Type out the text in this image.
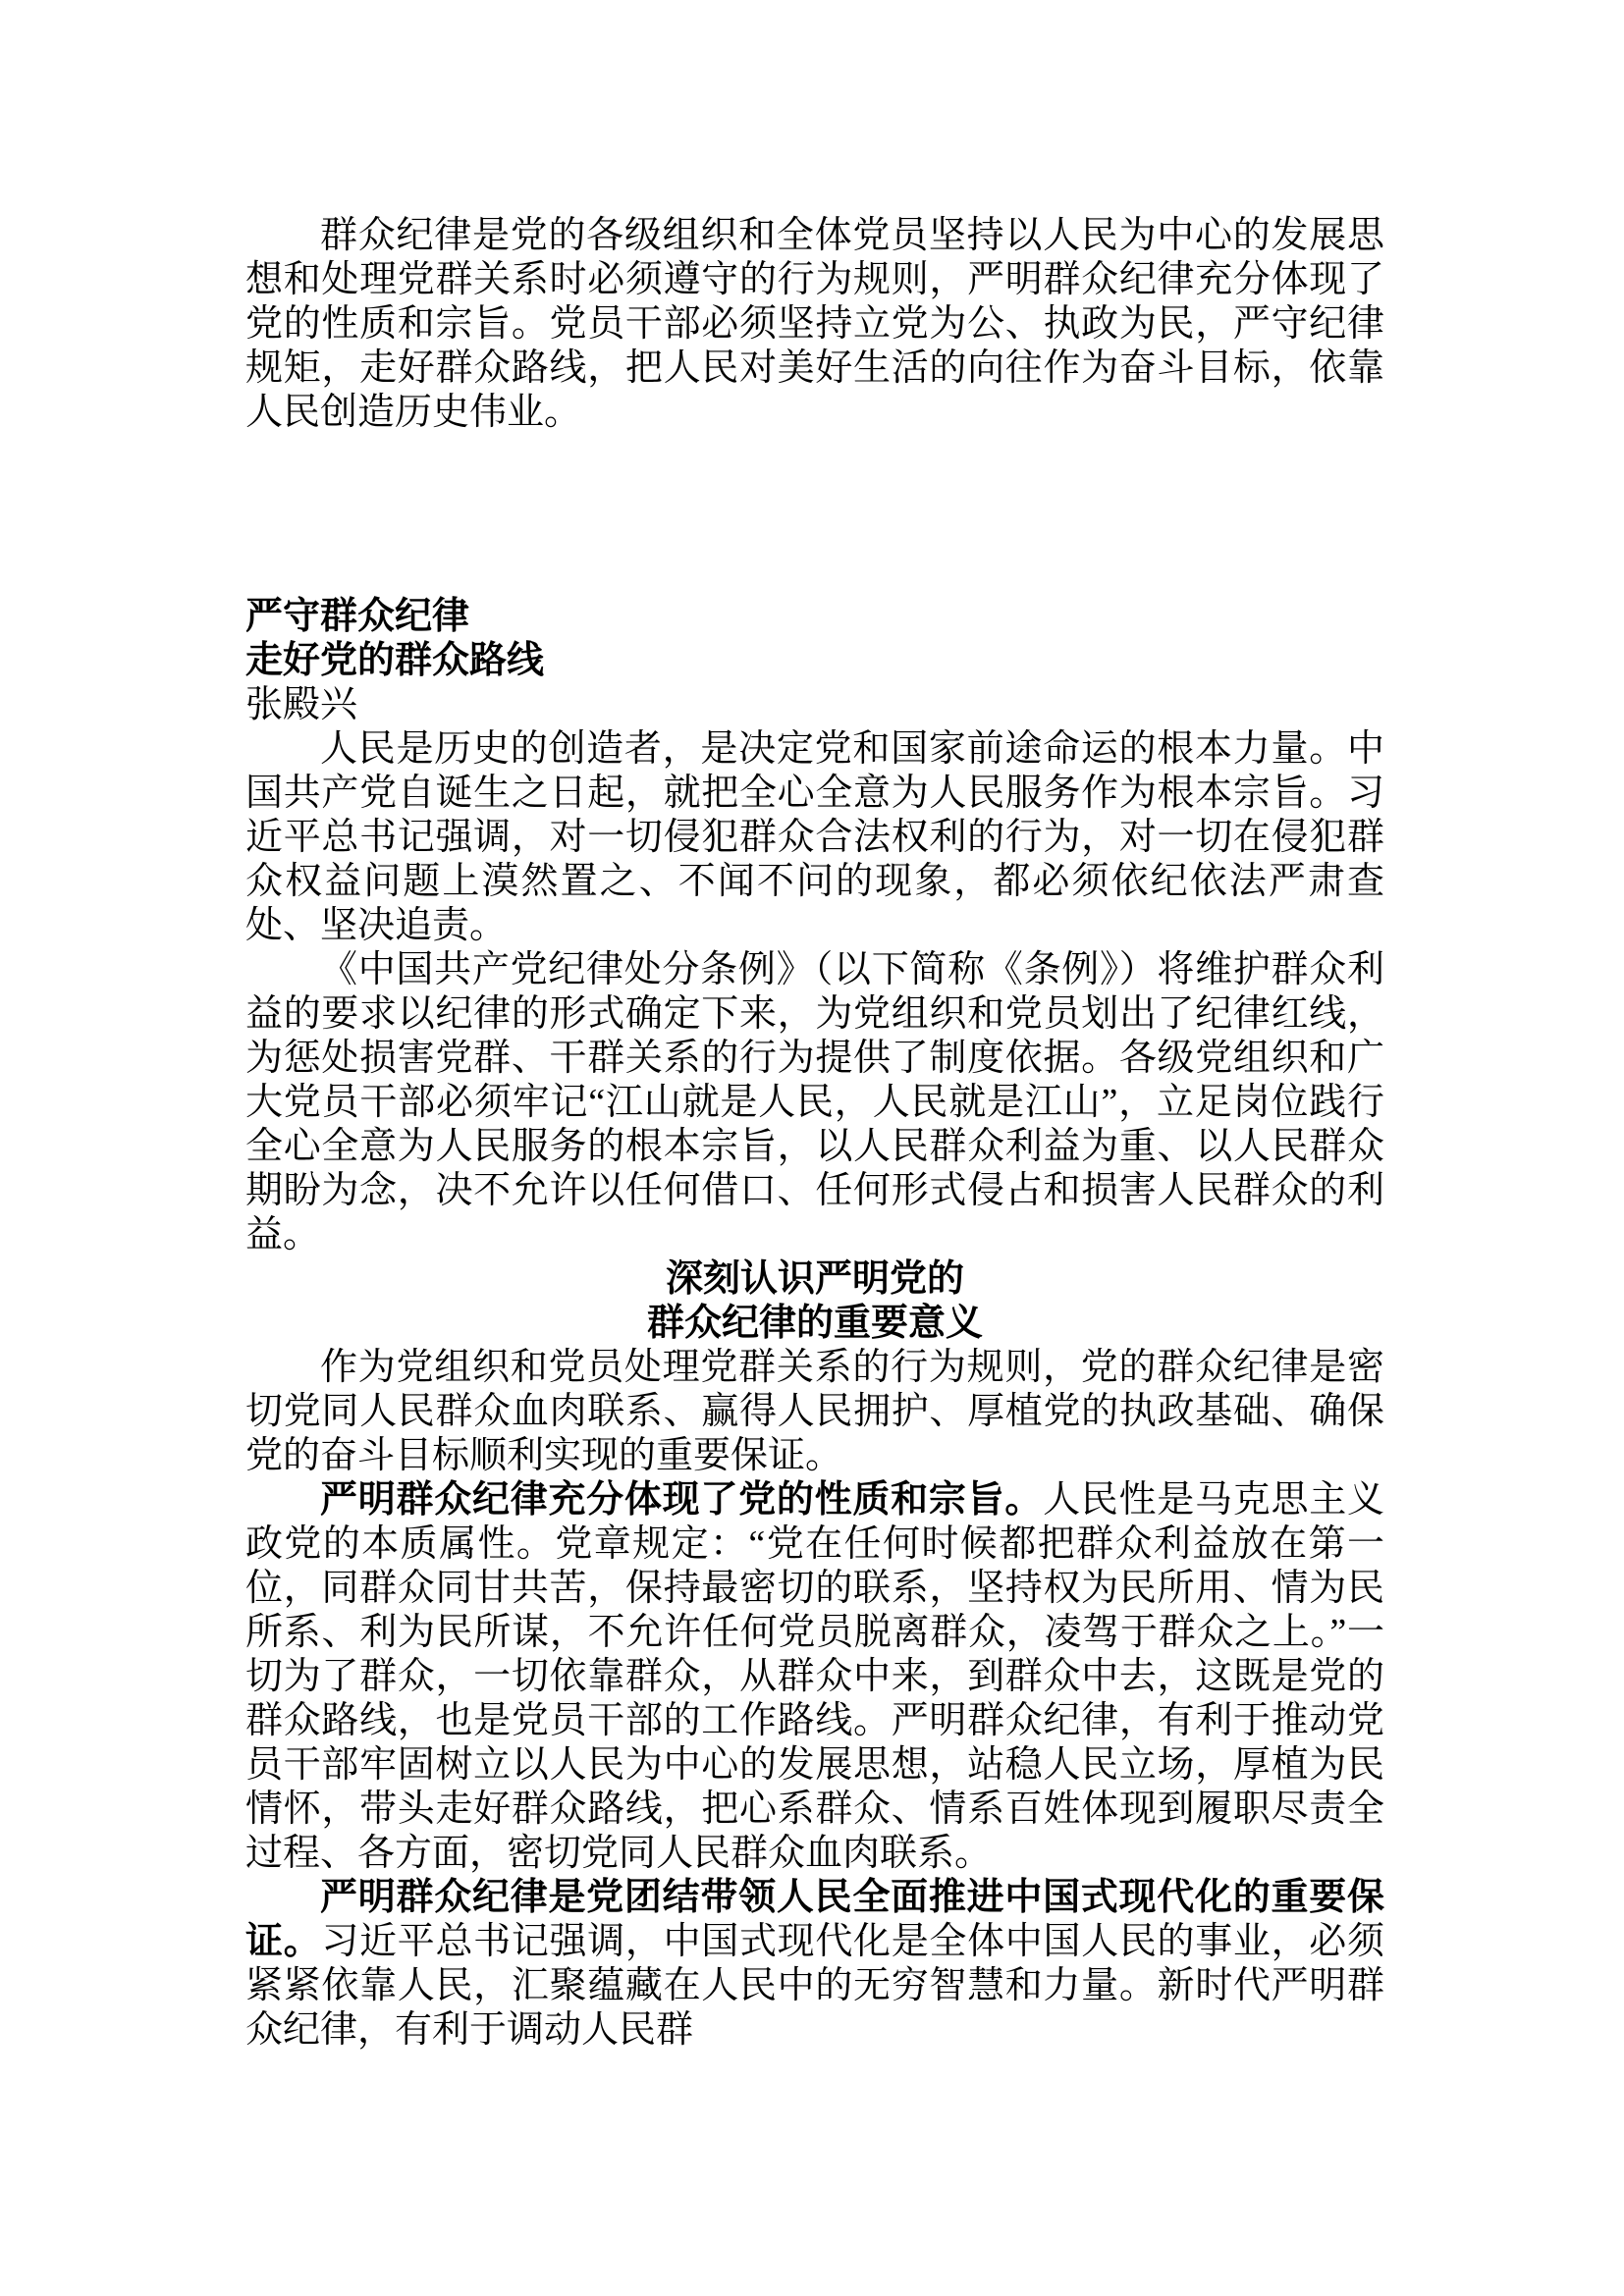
群众纪律是党的各级组织和全体党员坚持以人民为中心的发展思想和处理党群关系时必须遵守的行为规则，严明群众纪律充分体现了党的性质和宗旨。党员干部必须坚持立党为公、执政为民，严守纪律规矩，走好群众路线，把人民对美好生活的向往作为奋斗目标，依靠人民创造历史伟业。

严守群众纪律
走好党的群众路线

张殿兴

人民是历史的创造者，是决定党和国家前途命运的根本力量。中国共产党自诞生之日起，就把全心全意为人民服务作为根本宗旨。习近平总书记强调，对一切侵犯群众合法权利的行为，对一切在侵犯群众权益问题上漠然置之、不闻不问的现象，都必须依纪依法严肃查处、坚决追责。

《中国共产党纪律处分条例》（以下简称《条例》）将维护群众利益的要求以纪律的形式确定下来，为党组织和党员划出了纪律红线，为惩处损害党群、干群关系的行为提供了制度依据。各级党组织和广大党员干部必须牢记“江山就是人民，人民就是江山”，立足岗位践行全心全意为人民服务的根本宗旨，以人民群众利益为重、以人民群众期盼为念，决不允许以任何借口、任何形式侵占和损害人民群众的利益。

深刻认识严明党的
群众纪律的重要意义

作为党组织和党员处理党群关系的行为规则，党的群众纪律是密切党同人民群众血肉联系、赢得人民拥护、厚植党的执政基础、确保党的奋斗目标顺利实现的重要保证。

严明群众纪律充分体现了党的性质和宗旨。人民性是马克思主义政党的本质属性。党章规定：“党在任何时候都把群众利益放在第一位，同群众同甘共苦，保持最密切的联系，坚持权为民所用、情为民所系、利为民所谋，不允许任何党员脱离群众，凌驾于群众之上。”一切为了群众，一切依靠群众，从群众中来，到群众中去，这既是党的群众路线，也是党员干部的工作路线。严明群众纪律，有利于推动党员干部牢固树立以人民为中心的发展思想，站稳人民立场，厚植为民情怀，带头走好群众路线，把心系群众、情系百姓体现到履职尽责全过程、各方面，密切党同人民群众血肉联系。

严明群众纪律是党团结带领人民全面推进中国式现代化的重要保证。习近平总书记强调，中国式现代化是全体中国人民的事业，必须紧紧依靠人民，汇聚蕴藏在人民中的无穷智慧和力量。新时代严明群众纪律，有利于调动人民群
